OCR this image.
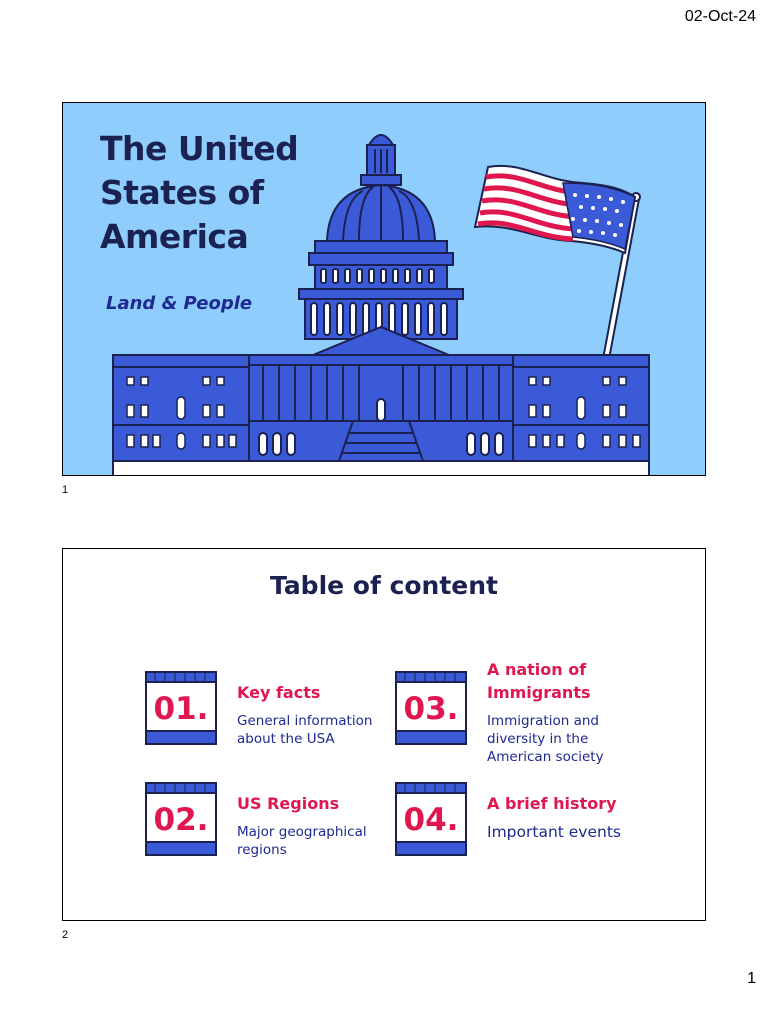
02-Oct-24
The United States of America
Land & People
1
Table of content
01. Key facts
General information about the USA
02. US Regions
Major geographical regions
03.
A nation of Immigrants
Immigration and diversity in the American society
04. A brief history
Important events
2
1
